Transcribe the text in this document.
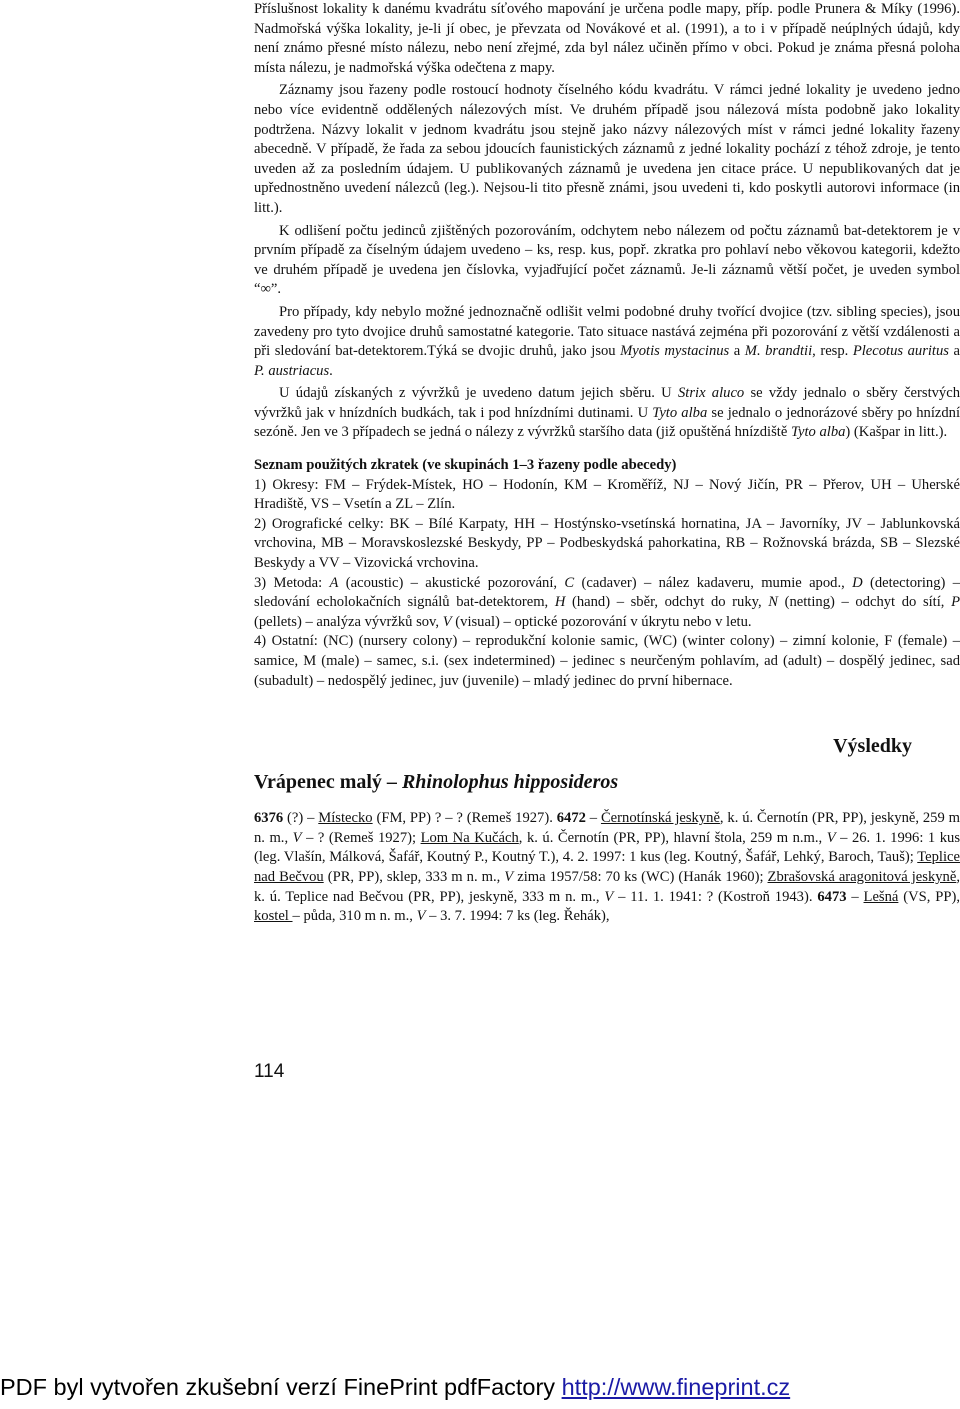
Příslušnost lokality k danému kvadrátu síťového mapování je určena podle mapy, příp. podle Prunera & Míky (1996). Nadmořská výška lokality, je-li jí obec, je převzata od Novákové et al. (1991), a to i v případě neúplných údajů, kdy není známo přesné místo nálezu, nebo není zřejmé, zda byl nález učiněn přímo v obci. Pokud je známa přesná poloha místa nálezu, je nadmořská výška odečtena z mapy.

Záznamy jsou řazeny podle rostoucí hodnoty číselného kódu kvadrátu. V rámci jedné lokality je uvedeno jedno nebo více evidentně oddělených nálezových míst. Ve druhém případě jsou nálezová místa podobně jako lokality podtržena. Názvy lokalit v jednom kvadrátu jsou stejně jako názvy nálezových míst v rámci jedné lokality řazeny abecedně. V případě, že řada za sebou jdoucích faunistických záznamů z jedné lokality pochází z téhož zdroje, je tento uveden až za posledním údajem. U publikovaných záznamů je uvedena jen citace práce. U nepublikovaných dat je upřednostněno uvedení nálezců (leg.). Nejsou-li tito přesně známi, jsou uvedeni ti, kdo poskytli autorovi informace (in litt.).

K odlišení počtu jedinců zjištěných pozorováním, odchytem nebo nálezem od počtu záznamů bat-detektorem je v prvním případě za číselným údajem uvedeno – ks, resp. kus, popř. zkratka pro pohlaví nebo věkovou kategorii, kdežto ve druhém případě je uvedena jen číslovka, vyjadřující počet záznamů. Je-li záznamů větší počet, je uveden symbol “∞”.

Pro případy, kdy nebylo možné jednoznačně odlišit velmi podobné druhy tvořící dvojice (tzv. sibling species), jsou zavedeny pro tyto dvojice druhů samostatné kategorie. Tato situace nastává zejména při pozorování z větší vzdálenosti a při sledování bat-detektorem.Týká se dvojic druhů, jako jsou Myotis mystacinus a M. brandtii, resp. Plecotus auritus a P. austriacus.

U údajů získaných z vývržků je uvedeno datum jejich sběru. U Strix aluco se vždy jednalo o sběry čerstvých vývržků jak v hnízdních budkách, tak i pod hnízdními dutinami. U Tyto alba se jednalo o jednorázové sběry po hnízdní sezóně. Jen ve 3 případech se jedná o nálezy z vývržků staršího data (již opuštěná hnízdiště Tyto alba) (Kašpar in litt.).

Seznam použitých zkratek (ve skupinách 1–3 řazeny podle abecedy)

1) Okresy: FM – Frýdek-Místek, HO – Hodonín, KM – Kroměříž, NJ – Nový Jičín, PR – Přerov, UH – Uherské Hradiště, VS – Vsetín a ZL – Zlín.

2) Orografické celky: BK – Bílé Karpaty, HH – Hostýnsko-vsetínská hornatina, JA – Javorníky, JV – Jablunkovská vrchovina, MB – Moravskoslezské Beskydy, PP – Podbeskydská pahorkatina, RB – Rožnovská brázda, SB – Slezské Beskydy a VV – Vizovická vrchovina.

3) Metoda: A (acoustic) – akustické pozorování, C (cadaver) – nález kadaveru, mumie apod., D (detectoring) – sledování echolokačních signálů bat-detektorem, H (hand) – sběr, odchyt do ruky, N (netting) – odchyt do sítí, P (pellets) – analýza vývržků sov, V (visual) – optické pozorování v úkrytu nebo v letu.

4) Ostatní: (NC) (nursery colony) – reprodukční kolonie samic, (WC) (winter colony) – zimní kolonie, F (female) – samice, M (male) – samec, s.i. (sex indetermined) – jedinec s neurčeným pohlavím, ad (adult) – dospělý jedinec, sad (subadult) – nedospělý jedinec, juv (juvenile) – mladý jedinec do první hibernace.

Výsledky
Vrápenec malý – Rhinolophus hipposideros

6376 (?) – Místecko (FM, PP) ? – ? (Remeš 1927). 6472 – Černotínská jeskyně, k. ú. Černotín (PR, PP), jeskyně, 259 m n. m., V – ? (Remeš 1927); Lom Na Kučách, k. ú. Černotín (PR, PP), hlavní štola, 259 m n.m., V – 26. 1. 1996: 1 kus (leg. Vlašín, Málková, Šafář, Koutný P., Koutný T.), 4. 2. 1997: 1 kus (leg. Koutný, Šafář, Lehký, Baroch, Tauš); Teplice nad Bečvou (PR, PP), sklep, 333 m n. m., V zima 1957/58: 70 ks (WC) (Hanák 1960); Zbrašovská aragonitová jeskyně, k. ú. Teplice nad Bečvou (PR, PP), jeskyně, 333 m n. m., V – 11. 1. 1941: ? (Kostroň 1943). 6473 – Lešná (VS, PP), kostel – půda, 310 m n. m., V – 3. 7. 1994: 7 ks (leg. Řehák),

114
PDF byl vytvořen zkušební verzí FinePrint pdfFactory http://www.fineprint.cz
